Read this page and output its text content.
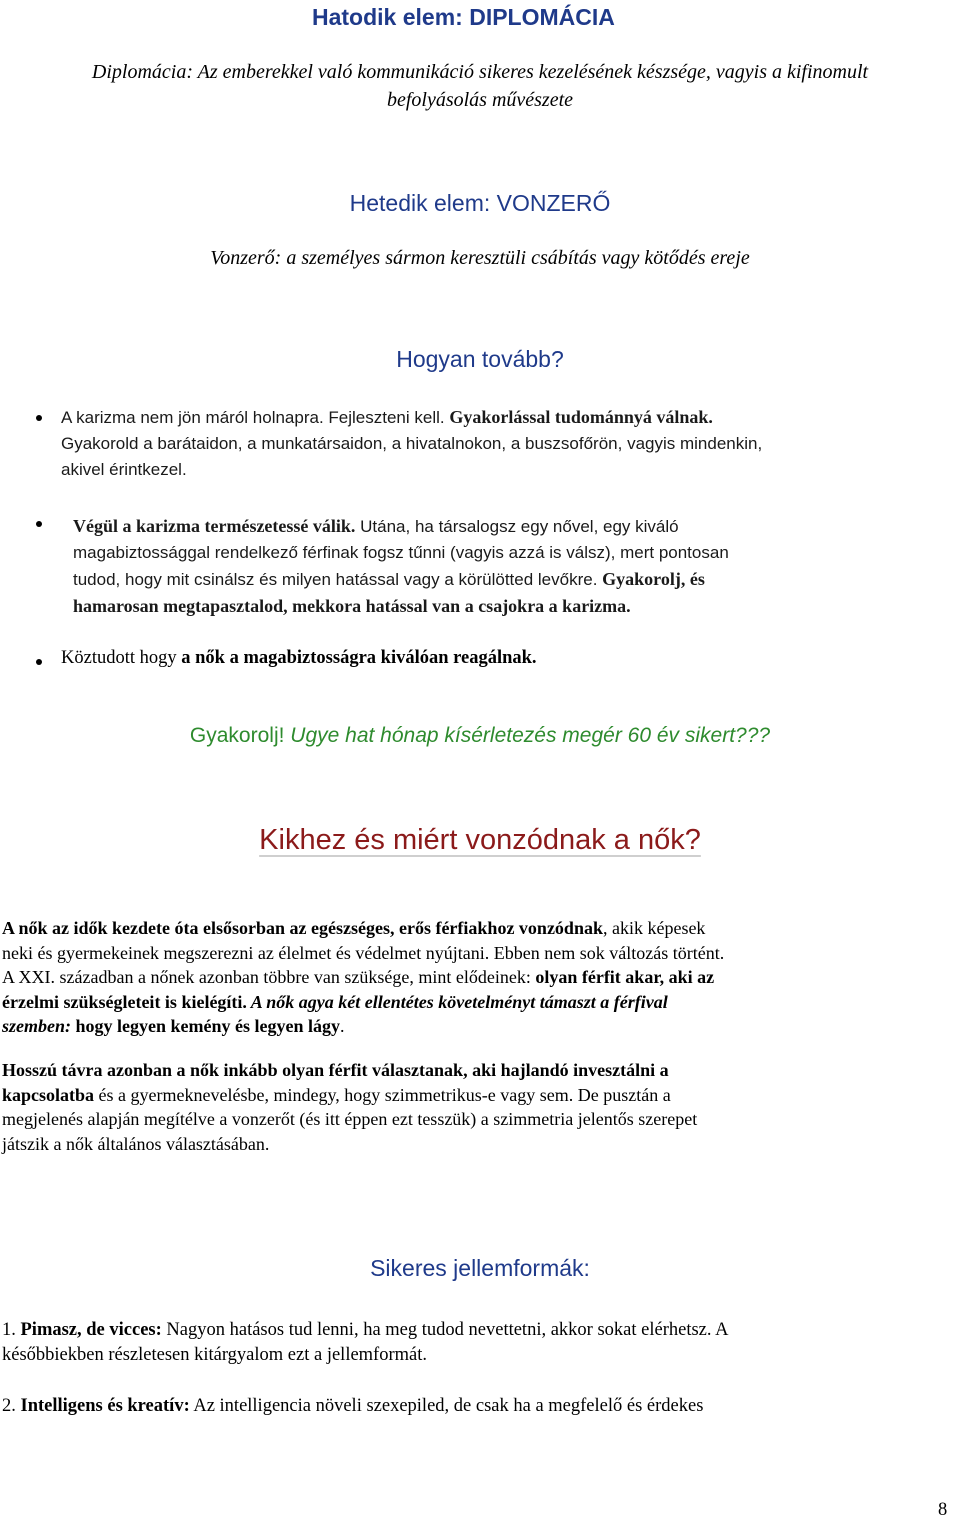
Hatodik elem: DIPLOMÁCIA
Diplomácia: Az emberekkel való kommunikáció sikeres kezelésének készsége, vagyis a kifinomult
befolyásolás művészete
Hetedik elem: VONZERŐ
Vonzerő: a személyes sármon keresztüli csábítás vagy kötődés ereje
Hogyan tovább?
A karizma nem jön máról holnapra. Fejleszteni kell. Gyakorlással tudománnyá válnak.
Gyakorold a barátaidon, a munkatársaidon, a hivatalnokon, a buszsofőrön, vagyis mindenkin,
akivel érintkezel.
Végül a karizma természetessé válik. Utána, ha társalogsz egy nővel, egy kiváló
magabiztossággal rendelkező férfinak fogsz tűnni (vagyis azzá is válsz), mert pontosan
tudod, hogy mit csinálsz és milyen hatással vagy a körülötted levőkre. Gyakorolj, és
hamarosan megtapasztalod, mekkora hatással van a csajokra a karizma.
Köztudott hogy a nők a magabiztosságra kiválóan reagálnak.
Gyakorolj! Ugye hat hónap kísérletezés megér 60 év sikert???
Kikhez és miért vonzódnak a nők?
A nők az idők kezdete óta elsősorban az egészséges, erős férfiakhoz vonzódnak, akik képesek
neki és gyermekeinek megszerezni az élelmet és védelmet nyújtani. Ebben nem sok változás történt.
A XXI. században a nőnek azonban többre van szüksége, mint elődeinek: olyan férfit akar, aki az
érzelmi szükségleteit is kielégíti. A nők agya két ellentétes követelményt támaszt a férfival
szemben: hogy legyen kemény és legyen lágy.
Hosszú távra azonban a nők inkább olyan férfit választanak, aki hajlandó invesztálni a
kapcsolatba és a gyermeknevelésbe, mindegy, hogy szimmetrikus-e vagy sem. De pusztán a
megjelenés alapján megítélve a vonzerőt (és itt éppen ezt tesszük) a szimmetria jelentős szerepet
játszik a nők általános választásában.
Sikeres jellemformák:
1. Pimasz, de vicces: Nagyon hatásos tud lenni, ha meg tudod nevettetni, akkor sokat elérhetsz. A
későbbiekben részletesen kitárgyalom ezt a jellemformát.
2. Intelligens és kreatív: Az intelligencia növeli szexepiled, de csak ha a megfelelő és érdekes
8
